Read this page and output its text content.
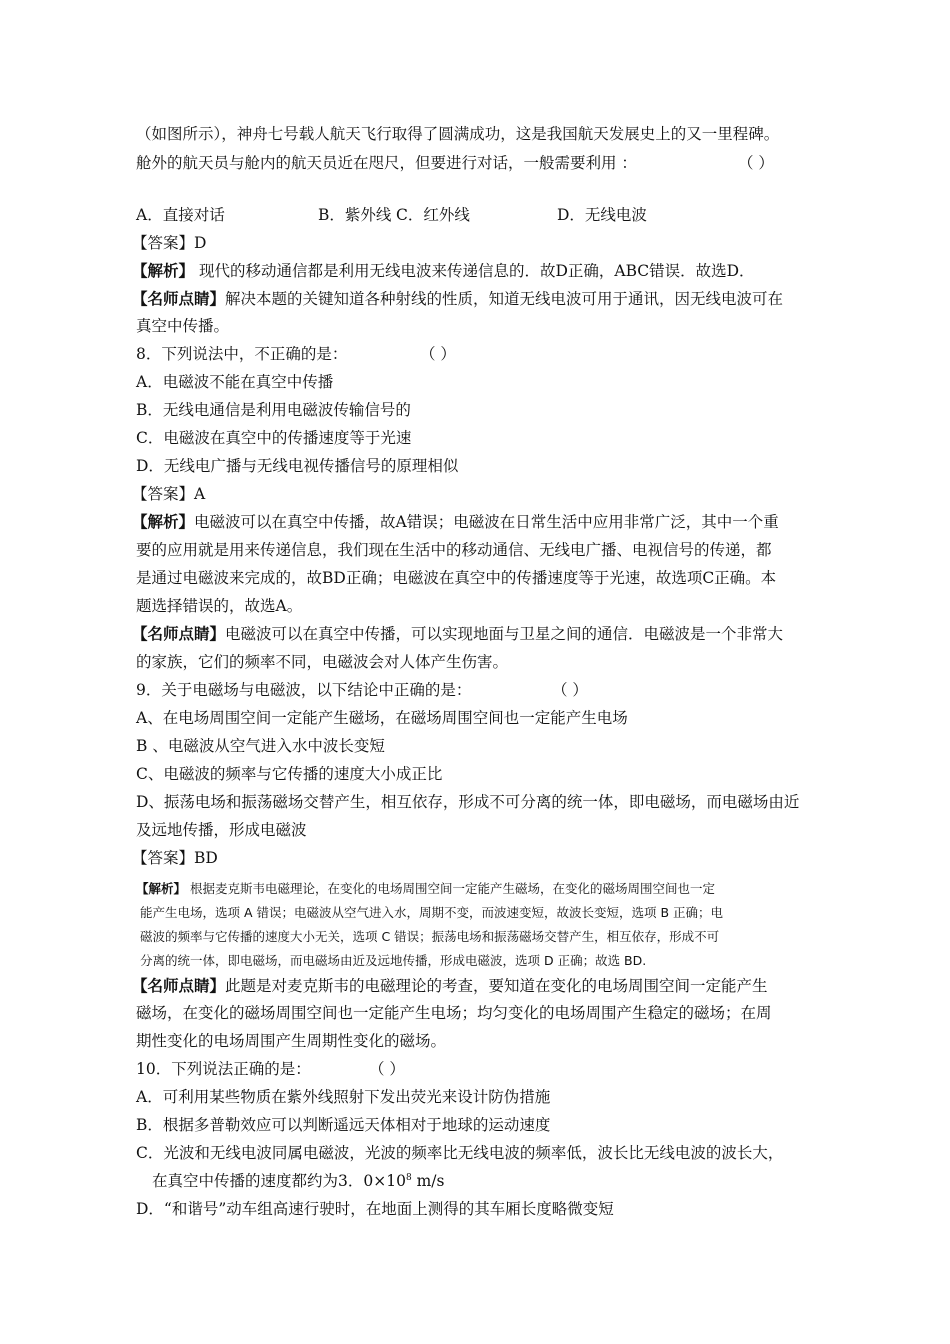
（如图所示），神舟七号载人航天飞行取得了圆满成功，这是我国航天发展史上的又一里程碑。
舱外的航天员与舱内的航天员近在咫尺，但要进行对话，一般需要利用 ：	（ ）
A．直接对话	B．紫外线 C．红外线	D．无线电波
【答案】D
【解析】 现代的移动通信都是利用无线电波来传递信息的．故D正确，ABC错误．故选D．
【名师点睛】解决本题的关键知道各种射线的性质，知道无线电波可用于通讯，因无线电波可在
真空中传播。
8．下列说法中，不正确的是：	（ ）
A．电磁波不能在真空中传播
B．无线电通信是利用电磁波传输信号的
C．电磁波在真空中的传播速度等于光速
D．无线电广播与无线电视传播信号的原理相似
【答案】A
【解析】电磁波可以在真空中传播，故A错误；电磁波在日常生活中应用非常广泛，其中一个重
要的应用就是用来传递信息，我们现在生活中的移动通信、无线电广播、电视信号的传递，都
是通过电磁波来完成的，故BD正确；电磁波在真空中的传播速度等于光速，故选项C正确。本
题选择错误的，故选A。
【名师点睛】电磁波可以在真空中传播，可以实现地面与卫星之间的通信．电磁波是一个非常大
的家族，它们的频率不同，电磁波会对人体产生伤害。
9．关于电磁场与电磁波，以下结论中正确的是：	（ ）
A、在电场周围空间一定能产生磁场，在磁场周围空间也一定能产生电场
B 、电磁波从空气进入水中波长变短
C、电磁波的频率与它传播的速度大小成正比
D、振荡电场和振荡磁场交替产生，相互依存，形成不可分离的统一体，即电磁场，而电磁场由近
及远地传播，形成电磁波
【答案】BD
【解析】 根据麦克斯韦电磁理论，在变化的电场周围空间一定能产生磁场，在变化的磁场周围空间也一定
能产生电场，选项 A 错误；电磁波从空气进入水，周期不变，而波速变短，故波长变短，选项 B 正确；电
磁波的频率与它传播的速度大小无关，选项 C 错误；振荡电场和振荡磁场交替产生，相互依存，形成不可
分离的统一体，即电磁场，而电磁场由近及远地传播，形成电磁波，选项 D 正确；故选 BD.
【名师点睛】此题是对麦克斯韦的电磁理论的考查，要知道在变化的电场周围空间一定能产生
磁场，在变化的磁场周围空间也一定能产生电场；均匀变化的电场周围产生稳定的磁场；在周
期性变化的电场周围产生周期性变化的磁场。
10．下列说法正确的是：	（ ）
A．可利用某些物质在紫外线照射下发出荧光来设计防伪措施
B．根据多普勒效应可以判断遥远天体相对于地球的运动速度
C．光波和无线电波同属电磁波，光波的频率比无线电波的频率低，波长比无线电波的波长大，
在真空中传播的速度都约为3．$0\times 10^8$ m/s
D．“和谐号”动车组高速行驶时，在地面上测得的其车厢长度略微变短
